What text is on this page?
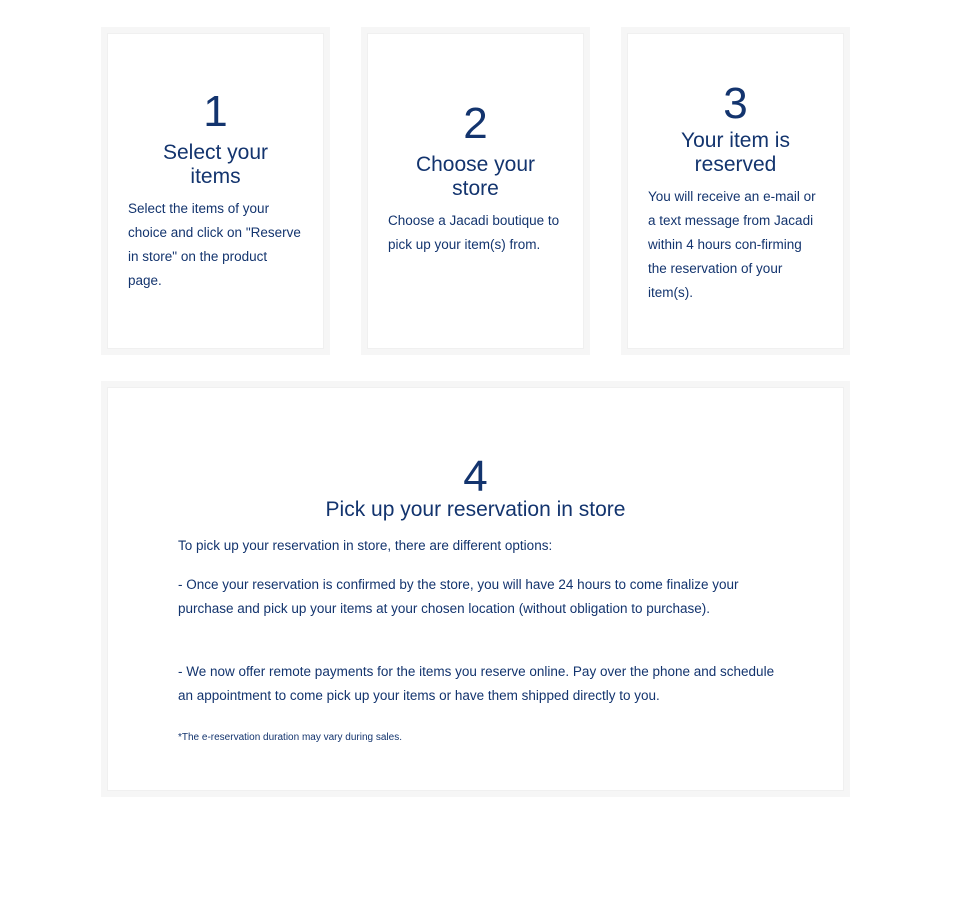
1
Select your items
Select the items of your choice and click on "Reserve in store" on the product page.
2
Choose your store
Choose a Jacadi boutique to pick up your item(s) from.
3
Your item is reserved
You will receive an e-mail or a text message from Jacadi within 4 hours con-firming the reservation of your item(s).
4
Pick up your reservation in store

To pick up your reservation in store, there are different options:

- Once your reservation is confirmed by the store, you will have 24 hours to come finalize your purchase and pick up your items at your chosen location (without obligation to purchase).

- We now offer remote payments for the items you reserve online. Pay over the phone and schedule an appointment to come pick up your items or have them shipped directly to you.

*The e-reservation duration may vary during sales.
